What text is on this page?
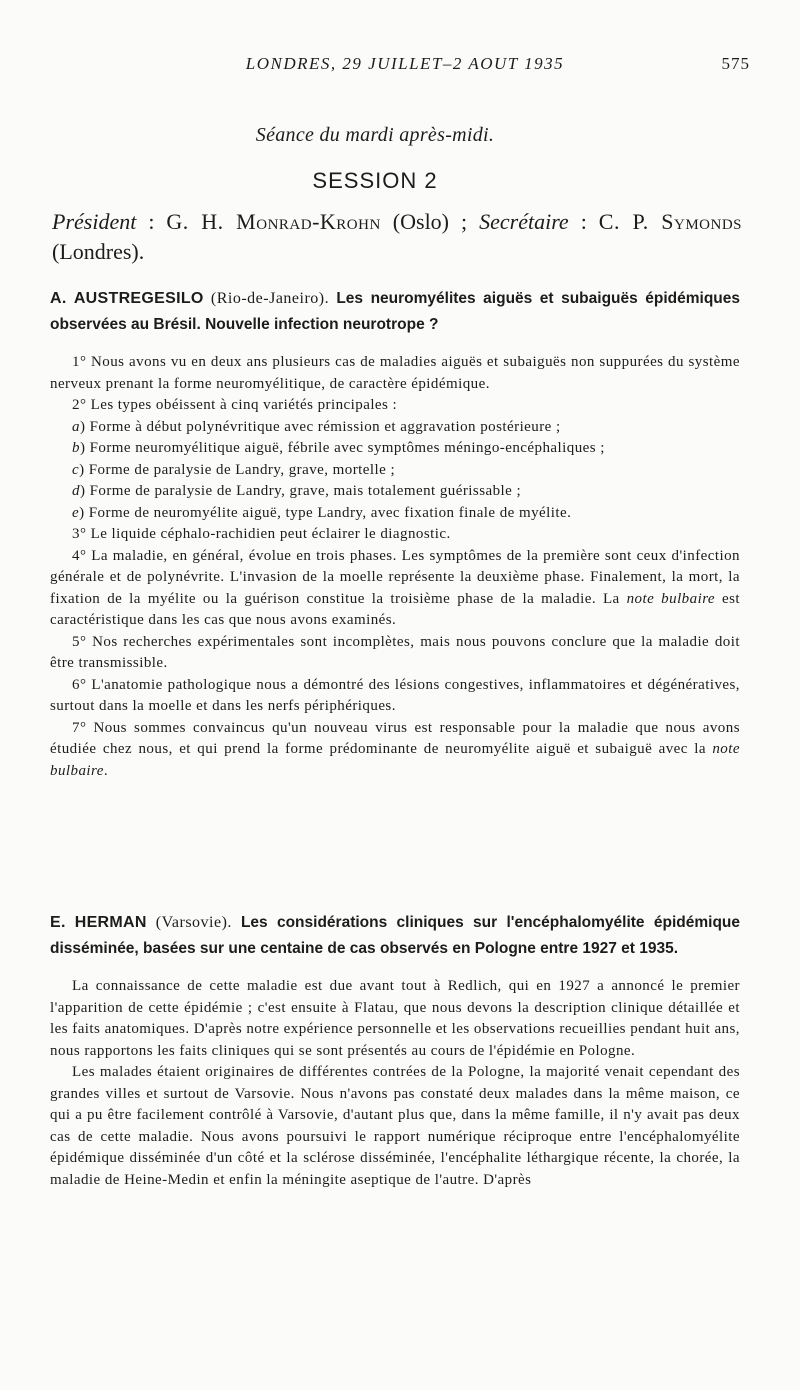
LONDRES, 29 JUILLET–2 AOUT 1935	575
Séance du mardi après-midi.
SESSION 2
Président : G. H. Monrad-Krohn (Oslo) ; Secrétaire : C. P. Symonds (Londres).
A. AUSTREGESILO (Rio-de-Janeiro). Les neuromyélites aiguës et subaiguës épidémiques observées au Brésil. Nouvelle infection neurotrope ?

1° Nous avons vu en deux ans plusieurs cas de maladies aiguës et subaiguës non suppurées du système nerveux prenant la forme neuromyélitique, de caractère épidémique.

2° Les types obéissent à cinq variétés principales :

a) Forme à début polynévritique avec rémission et aggravation postérieure ;

b) Forme neuromyélitique aiguë, fébrile avec symptômes méningo-encéphaliques ;

c) Forme de paralysie de Landry, grave, mortelle ;

d) Forme de paralysie de Landry, grave, mais totalement guérissable ;

e) Forme de neuromyélite aiguë, type Landry, avec fixation finale de myélite.

3° Le liquide céphalo-rachidien peut éclairer le diagnostic.

4° La maladie, en général, évolue en trois phases. Les symptômes de la première sont ceux d'infection générale et de polynévrite. L'invasion de la moelle représente la deuxième phase. Finalement, la mort, la fixation de la myélite ou la guérison constitue la troisième phase de la maladie. La note bulbaire est caractéristique dans les cas que nous avons examinés.

5° Nos recherches expérimentales sont incomplètes, mais nous pouvons conclure que la maladie doit être transmissible.

6° L'anatomie pathologique nous a démontré des lésions congestives, inflammatoires et dégénératives, surtout dans la moelle et dans les nerfs périphériques.

7° Nous sommes convaincus qu'un nouveau virus est responsable pour la maladie que nous avons étudiée chez nous, et qui prend la forme prédominante de neuromyélite aiguë et subaiguë avec la note bulbaire.

E. HERMAN (Varsovie). Les considérations cliniques sur l'encéphalomyélite épidémique disséminée, basées sur une centaine de cas observés en Pologne entre 1927 et 1935.

La connaissance de cette maladie est due avant tout à Redlich, qui en 1927 a annoncé le premier l'apparition de cette épidémie ; c'est ensuite à Flatau, que nous devons la description clinique détaillée et les faits anatomiques. D'après notre expérience personnelle et les observations recueillies pendant huit ans, nous rapportons les faits cliniques qui se sont présentés au cours de l'épidémie en Pologne.

Les malades étaient originaires de différentes contrées de la Pologne, la majorité venait cependant des grandes villes et surtout de Varsovie. Nous n'avons pas constaté deux malades dans la même maison, ce qui a pu être facilement contrôlé à Varsovie, d'autant plus que, dans la même famille, il n'y avait pas deux cas de cette maladie. Nous avons poursuivi le rapport numérique réciproque entre l'encéphalomyélite épidémique disséminée d'un côté et la sclérose disséminée, l'encéphalite léthargique récente, la chorée, la maladie de Heine-Medin et enfin la méningite aseptique de l'autre. D'après
